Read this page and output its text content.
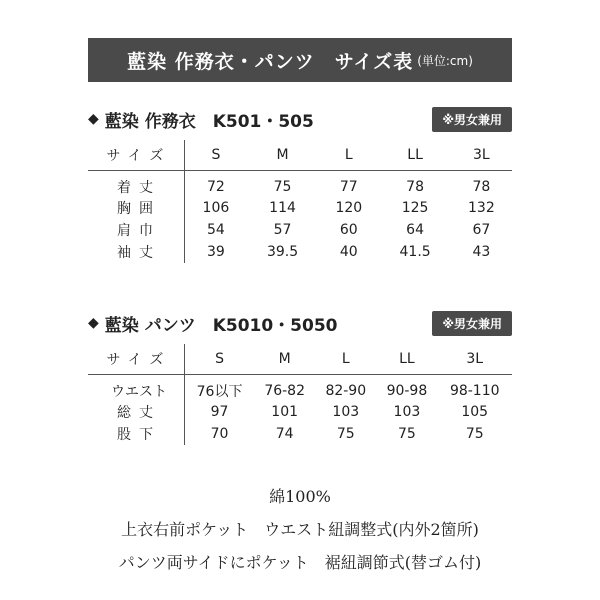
藍染 作務衣・パンツ　サイズ表 (単位:cm)
◆ 藍染 作務衣　K501・505	※男女兼用
サイズ	S	M	L	LL	3L
着丈	72	75	77	78	78
胸囲	106	114	120	125	132
肩巾	54	57	60	64	67
袖丈	39	39.5	40	41.5	43
◆ 藍染 パンツ　K5010・5050	※男女兼用
サイズ	S	M	L	LL	3L
ウエスト	76以下	76-82	82-90	90-98	98-110
総丈	97	101	103	103	105
股下	70	74	75	75	75
綿100%
上衣右前ポケット　ウエスト紐調整式(内外2箇所)
パンツ両サイドにポケット　裾紐調節式(替ゴム付)
